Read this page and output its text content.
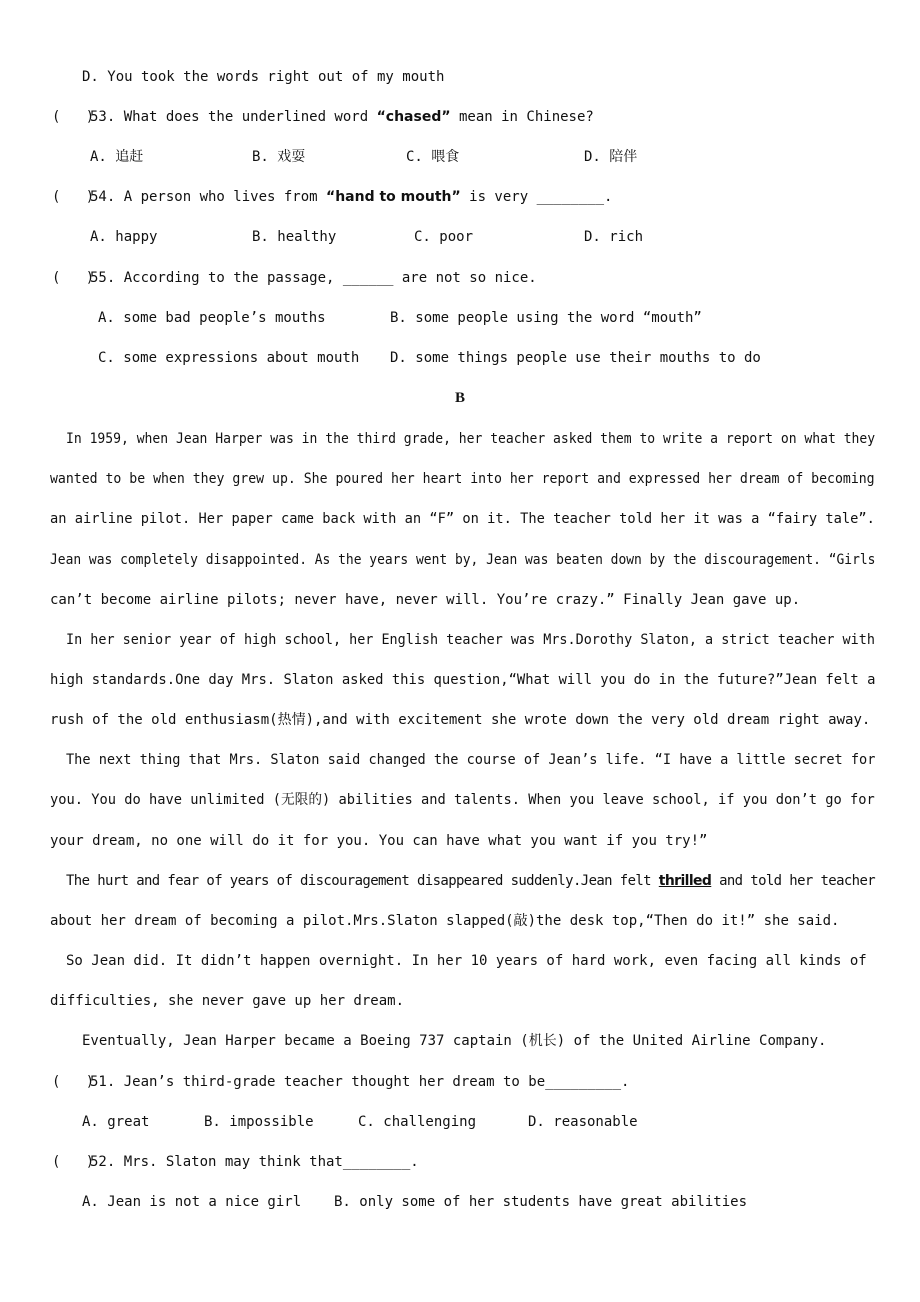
D. You took the words right out of my mouth
(   )
53. What does the underlined word “chased” mean in Chinese?
A. 追赶	B. 戏耍	C. 喂食	D. 陪伴
(   )
54. A person who lives from “hand to mouth” is very ________.
A. happy	B. healthy	C. poor	D. rich
(   )
55. According to the passage, ______ are not so nice.
A. some bad people’s mouths	B. some people using the word “mouth”
C. some expressions about mouth D. some things people use their mouths to do
B
In 1959, when Jean Harper was in the third grade, her teacher asked them to write a report on what they
wanted to be when they grew up. She poured her heart into her report and expressed her dream of becoming
an airline pilot. Her paper came back with an “F” on it. The teacher told her it was a “fairy tale”.
Jean was completely disappointed. As the years went by, Jean was beaten down by the discouragement. “Girls
can’t become airline pilots; never have, never will. You’re crazy.” Finally Jean gave up.
In her senior year of high school, her English teacher was Mrs.Dorothy Slaton, a strict teacher with
high standards.One day Mrs. Slaton asked this question,“What will you do in the future?”Jean felt a
rush of the old enthusiasm(热情),and with excitement she wrote down the very old dream right away.
The next thing that Mrs. Slaton said changed the course of Jean’s life. “I have a little secret for
you. You do have unlimited (无限的) abilities and talents. When you leave school, if you don’t go for
your dream, no one will do it for you. You can have what you want if you try!”
The hurt and fear of years of discouragement disappeared suddenly.Jean felt thrilled and told her teacher
about her dream of becoming a pilot.Mrs.Slaton slapped(敲)the desk top,“Then do it!” she said.
So Jean did. It didn’t happen overnight. In her 10 years of hard work, even facing all kinds of
difficulties, she never gave up her dream.
Eventually, Jean Harper became a Boeing 737 captain (机长) of the United Airline Company.
(   )
51. Jean’s third-grade teacher thought her dream to be_________.
A. great	B. impossible	C. challenging	D. reasonable
(   )
52. Mrs. Slaton may think that________.
A. Jean is not a nice girl B. only some of her students have great abilities
